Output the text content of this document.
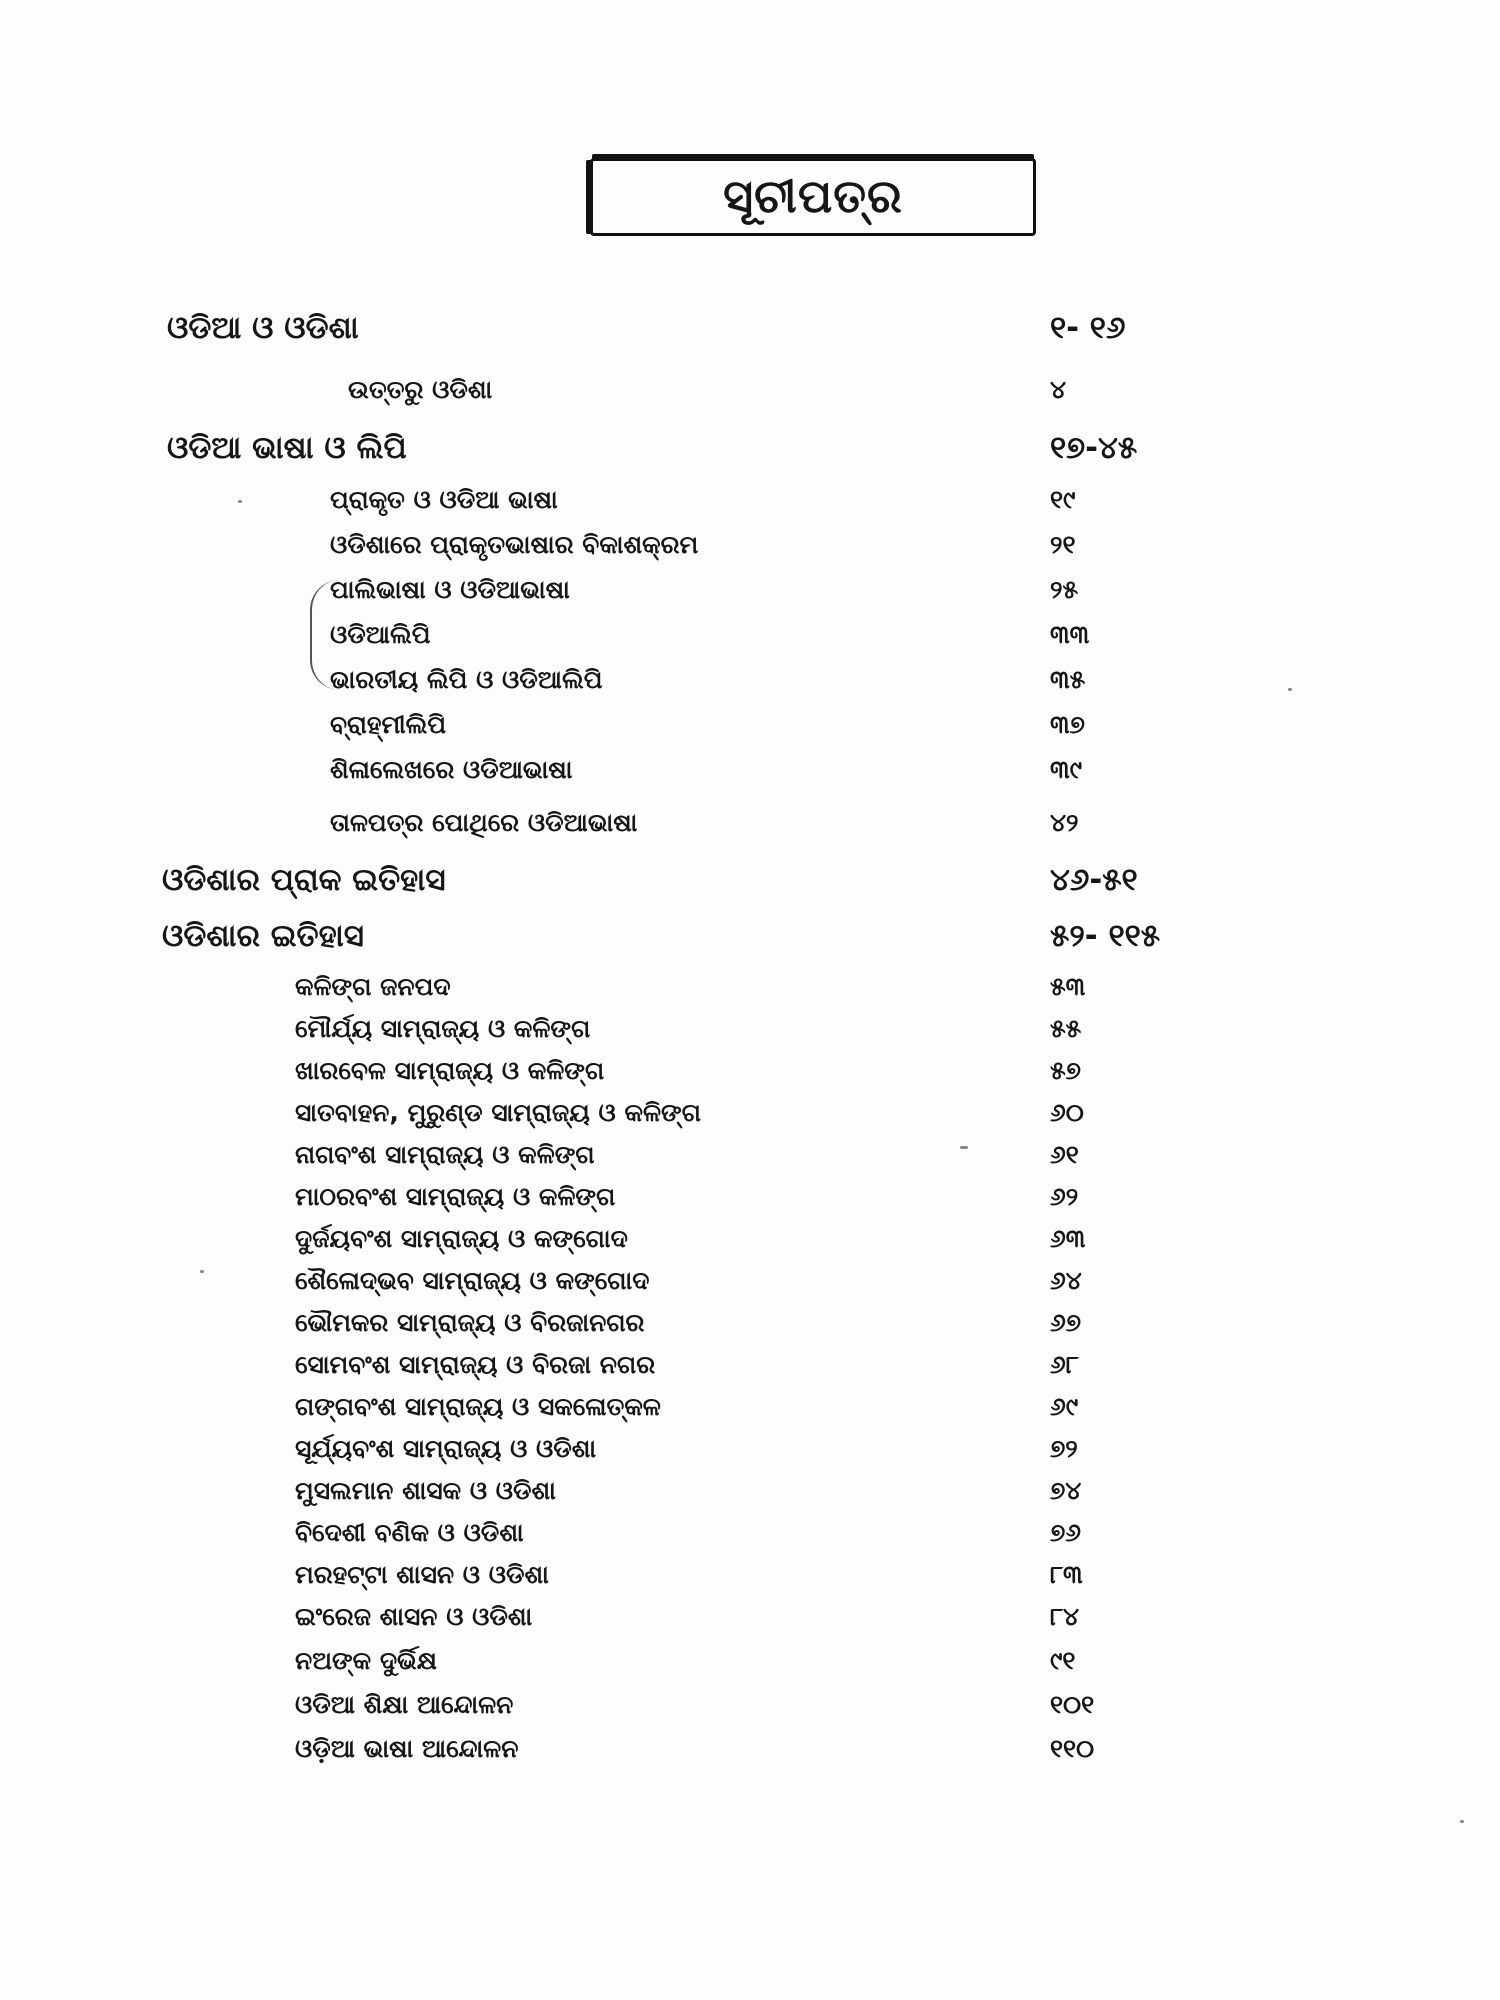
ସୂଚୀପତ୍ର
ଓଡିଆ ଓ ଓଡିଶା	୧- ୧୬
ଉତ୍ତରୁ ଓଡିଶା	୪
ଓଡିଆ ଭାଷା ଓ ଲିପି	୧୭-୪୫
ପ୍ରାକୃତ ଓ ଓଡିଆ ଭାଷା	୧୯
ଓଡିଶାରେ ପ୍ରାକୃତଭାଷାର ବିକାଶକ୍ରମ	୨୧
ପାଲିଭାଷା ଓ ଓଡିଆଭାଷା	୨୫
ଓଡିଆଲିପି	୩୩
ଭାରତୀୟ ଲିପି ଓ ଓଡିଆଲିପି	୩୫
ବ୍ରାହ୍ମୀଲିପି	୩୭
ଶିଳାଲେଖରେ ଓଡିଆଭାଷା	୩୯
ତାଳପତ୍ର ପୋଥିରେ ଓଡିଆଭାଷା	୪୨
ଓଡିଶାର ପ୍ରାକ ଇତିହାସ	୪୬-୫୧
ଓଡିଶାର ଇତିହାସ	୫୨- ୧୧୫
କଳିଙ୍ଗ ଜନପଦ	୫୩
ମୌର୍ଯ୍ୟ ସାମ୍ରାଜ୍ୟ ଓ କଳିଙ୍ଗ	୫୫
ଖାରବେଳ ସାମ୍ରାଜ୍ୟ ଓ କଳିଙ୍ଗ	୫୭
ସାତବାହନ, ମୁରୁଣ୍ଡ ସାମ୍ରାଜ୍ୟ ଓ କଳିଙ୍ଗ	୬୦
ନାଗବଂଶ ସାମ୍ରାଜ୍ୟ ଓ କଳିଙ୍ଗ	୬୧
ମାଠରବଂଶ ସାମ୍ରାଜ୍ୟ ଓ କଳିଙ୍ଗ	୬୨
ଦୁର୍ଜୟବଂଶ ସାମ୍ରାଜ୍ୟ ଓ କଙ୍ଗୋଦ	୬୩
ଶୈଳୋଦ୍ଭବ ସାମ୍ରାଜ୍ୟ ଓ କଙ୍ଗୋଦ	୬୪
ଭୌମକର ସାମ୍ରାଜ୍ୟ ଓ ବିରଜାନଗର	୬୭
ସୋମବଂଶ ସାମ୍ରାଜ୍ୟ ଓ ବିରଜା ନଗର	୬୮
ଗଙ୍ଗବଂଶ ସାମ୍ରାଜ୍ୟ ଓ ସକଳୋତ୍କଳ	୬୯
ସୂର୍ଯ୍ୟବଂଶ ସାମ୍ରାଜ୍ୟ ଓ ଓଡିଶା	୭୨
ମୁସଲମାନ ଶାସକ ଓ ଓଡିଶା	୭୪
ବିଦେଶୀ ବଣିକ ଓ ଓଡିଶା	୭୬
ମରହଟ୍ଟା ଶାସନ ଓ ଓଡିଶା	୮୩
ଇଂରେଜ ଶାସନ ଓ ଓଡିଶା	୮୪
ନଅଙ୍କ ଦୁର୍ଭିକ୍ଷ	୯୧
ଓଡିଆ ଶିକ୍ଷା ଆନ୍ଦୋଳନ	୧୦୧
ଓଡ଼ିଆ ଭାଷା ଆନ୍ଦୋଳନ	୧୧୦
